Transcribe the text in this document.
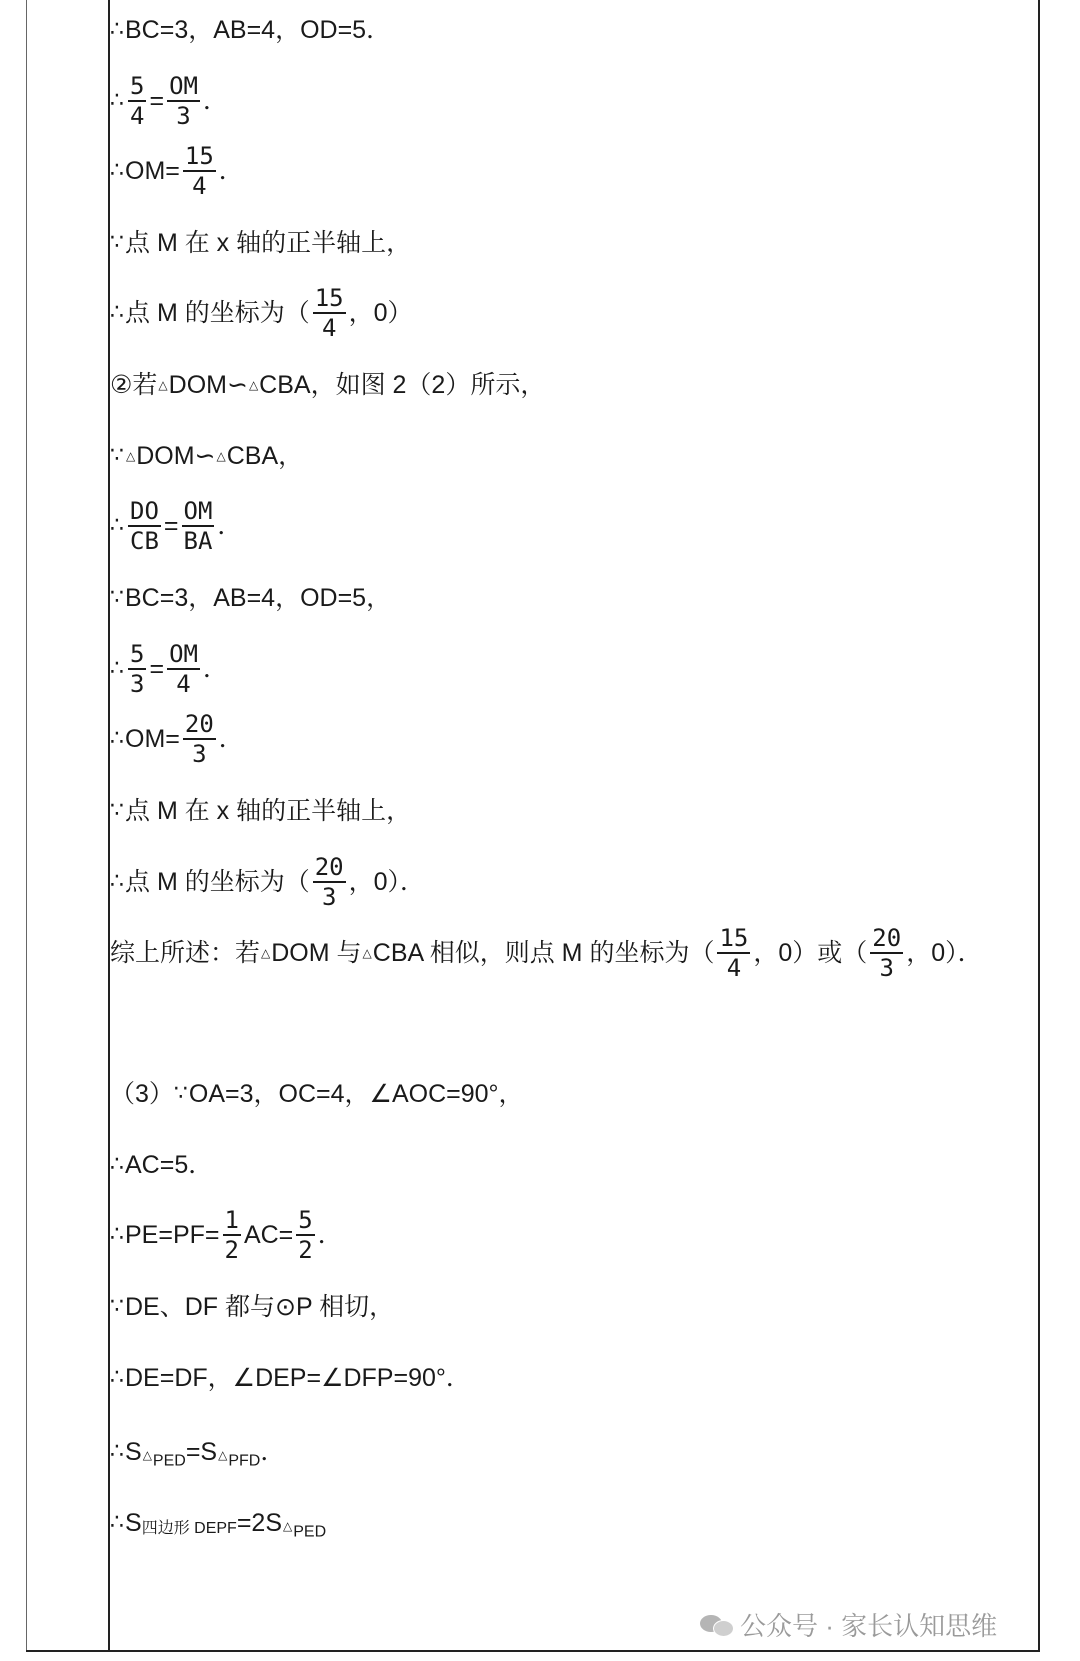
∴ BC=3，AB=4，OD=5．
∴ $\frac{5}{4} = \frac{OM}{3}$ ．
∴ $OM= \frac{15}{4}$ ．
∵ 点 M 在 x 轴的正半轴上，
∴ 点 M 的坐标为（ $\frac{15}{4}$ ，0）
②若 △ DOM∽ △ CBA，如图 2（2）所示，
∵ △ DOM∽ △ CBA，
∴ $\frac{DO}{CB} = \frac{OM}{BA}$ ．
∵ BC=3，AB=4，OD=5，
∴ $\frac{5}{3} = \frac{OM}{4}$ ．
∴ $OM= \frac{20}{3}$ ．
∵ 点 M 在 x 轴的正半轴上，
∴ 点 M 的坐标为（ $\frac{20}{3}$ ，0）．
综上所述：若 △ DOM 与 △ CBA 相似，则点 M 的坐标为（ $\frac{15}{4}$ ，0）或（ $\frac{20}{3}$ ，0）．
（3） ∵ OA=3，OC=4，∠AOC=90°，
∴ AC=5．
∴ $PE=PF= \frac{1}{2} AC= \frac{5}{2}$ ．
∵ DE、DF 都与⊙P 相切，
∴ DE=DF，∠DEP=∠DFP=90°．
∴ S △PED =S △PFD ．
∴ S 四边形 DEPF =2S △PED
公众号 · 家长认知思维
